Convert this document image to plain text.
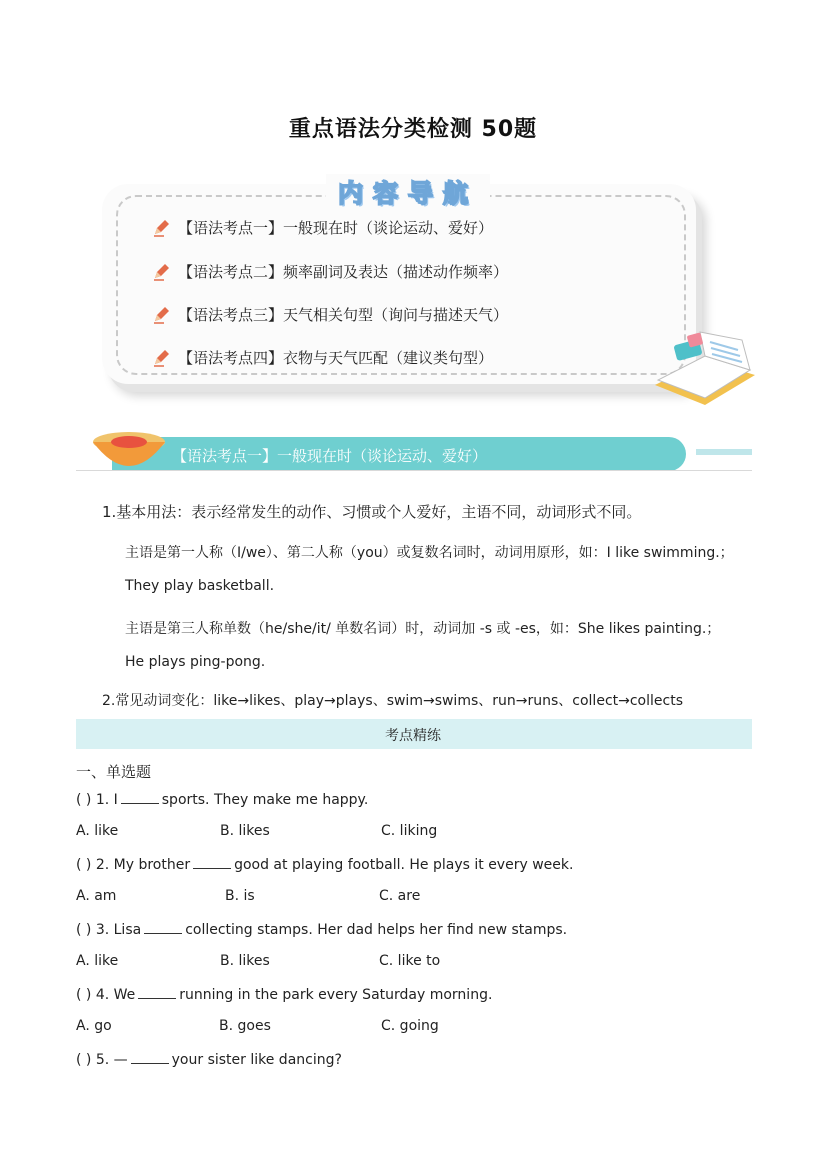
重点语法分类检测 50题
内容导航
【语法考点一】一般现在时（谈论运动、爱好）
【语法考点二】频率副词及表达（描述动作频率）
【语法考点三】天气相关句型（询问与描述天气）
【语法考点四】衣物与天气匹配（建议类句型）
【语法考点一】一般现在时（谈论运动、爱好）
1.基本用法：表示经常发生的动作、习惯或个人爱好，主语不同，动词形式不同。
主语是第一人称（I/we）、第二人称（you）或复数名词时，动词用原形，如：I like swimming.；
They play basketball.
主语是第三人称单数（he/she/it/ 单数名词）时，动词加 -s 或 -es，如：She likes painting.；
He plays ping-pong.
2.常见动词变化：like→likes、play→plays、swim→swims、run→runs、collect→collects
考点精练
一、单选题
( ) 1. I	sports. They make me happy.
A. like	B. likes	C. liking
( ) 2. My brother	good at playing football. He plays it every week.
A. am	B. is	C. are
( ) 3. Lisa	collecting stamps. Her dad helps her find new stamps.
A. like	B. likes	C. like to
( ) 4. We	running in the park every Saturday morning.
A. go	B. goes	C. going
( ) 5. —	your sister like dancing?
